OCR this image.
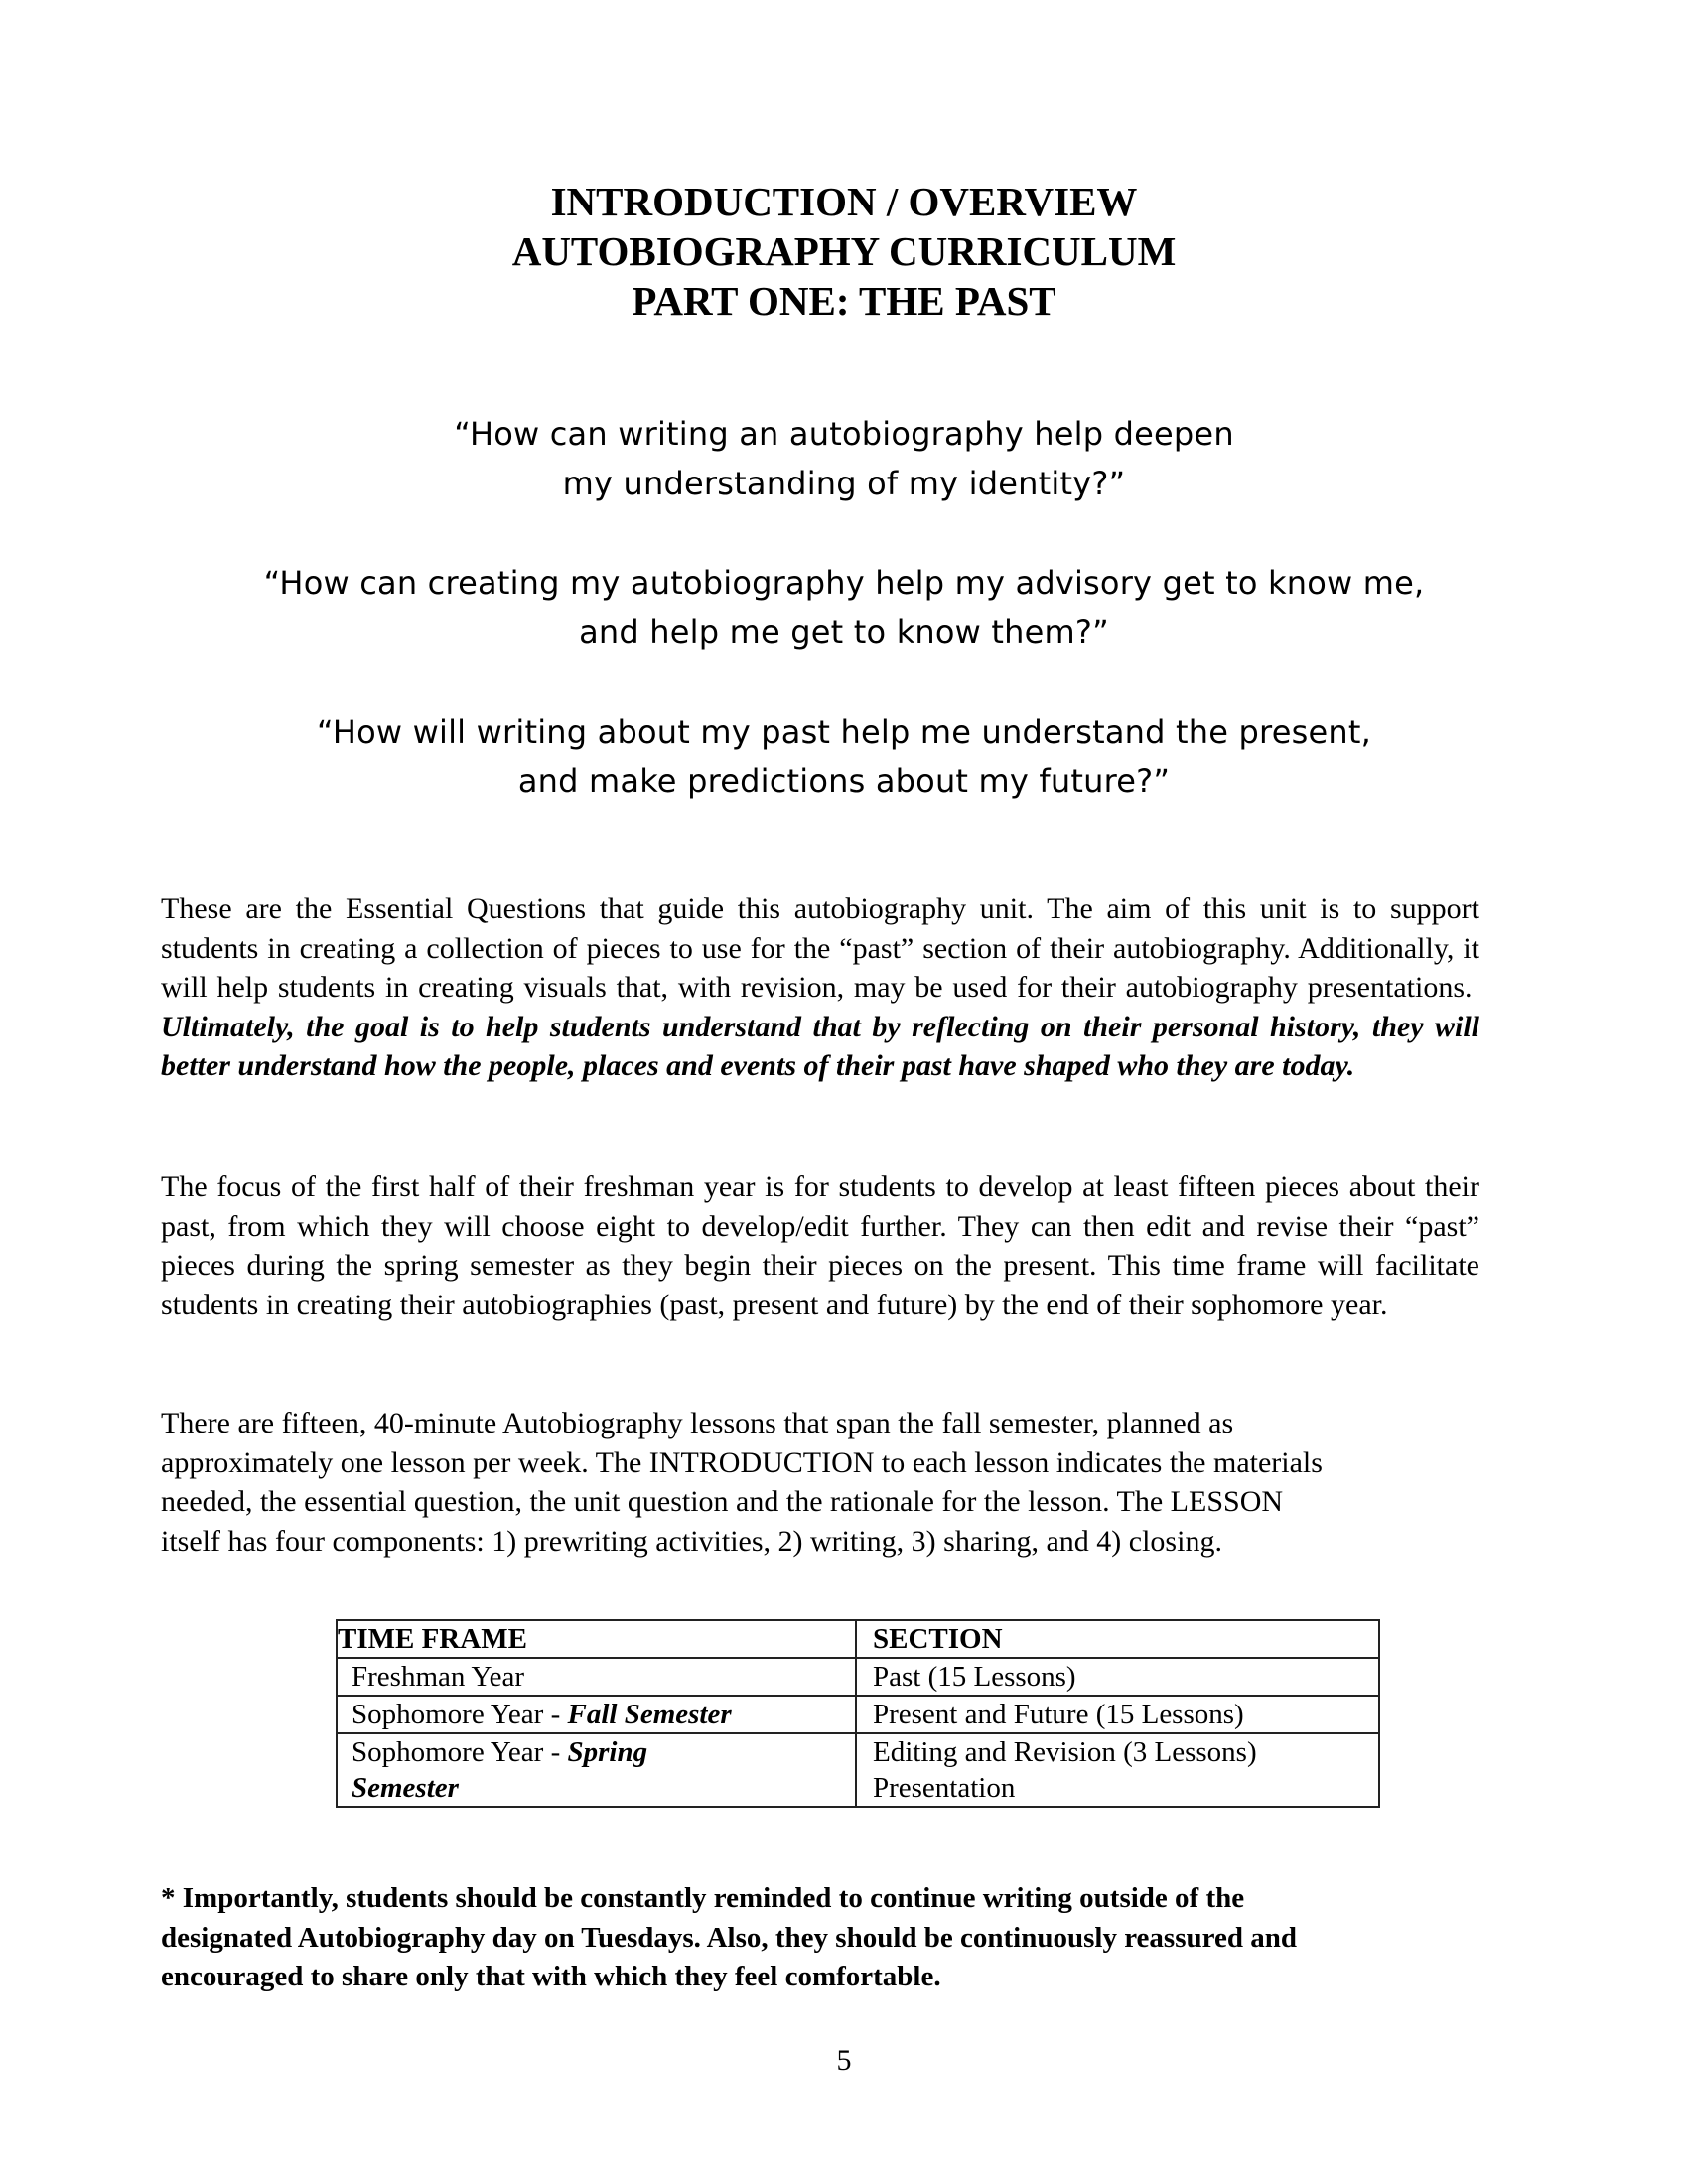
INTRODUCTION / OVERVIEW
AUTOBIOGRAPHY CURRICULUM
PART ONE: THE PAST

“How can writing an autobiography help deepen
my understanding of my identity?”

“How can creating my autobiography help my advisory get to know me,
and help me get to know them?”

“How will writing about my past help me understand the present,
and make predictions about my future?”

These are the Essential Questions that guide this autobiography unit. The aim of this unit is to support students in creating a collection of pieces to use for the “past” section of their autobiography. Additionally, it will help students in creating visuals that, with revision, may be used for their autobiography presentations.  Ultimately, the goal is to help students understand that by reflecting on their personal history, they will better understand how the people, places and events of their past have shaped who they are today.

The focus of the first half of their freshman year is for students to develop at least fifteen pieces about their past, from which they will choose eight to develop/edit further. They can then edit and revise their “past” pieces during the spring semester as they begin their pieces on the present. This time frame will facilitate students in creating their autobiographies (past, present and future) by the end of their sophomore year.

There are fifteen, 40-minute Autobiography lessons that span the fall semester, planned as
approximately one lesson per week. The INTRODUCTION to each lesson indicates the materials
needed, the essential question, the unit question and the rationale for the lesson. The LESSON
itself has four components: 1) prewriting activities, 2) writing, 3) sharing, and 4) closing.

TIME FRAME	SECTION
Freshman Year	Past (15 Lessons)
Sophomore Year - Fall Semester	Present and Future (15 Lessons)

Sophomore Year - Spring
Semester	Editing and Revision (3 Lessons)
Presentation

* Importantly, students should be constantly reminded to continue writing outside of the
designated Autobiography day on Tuesdays. Also, they should be continuously reassured and
encouraged to share only that with which they feel comfortable.

5
